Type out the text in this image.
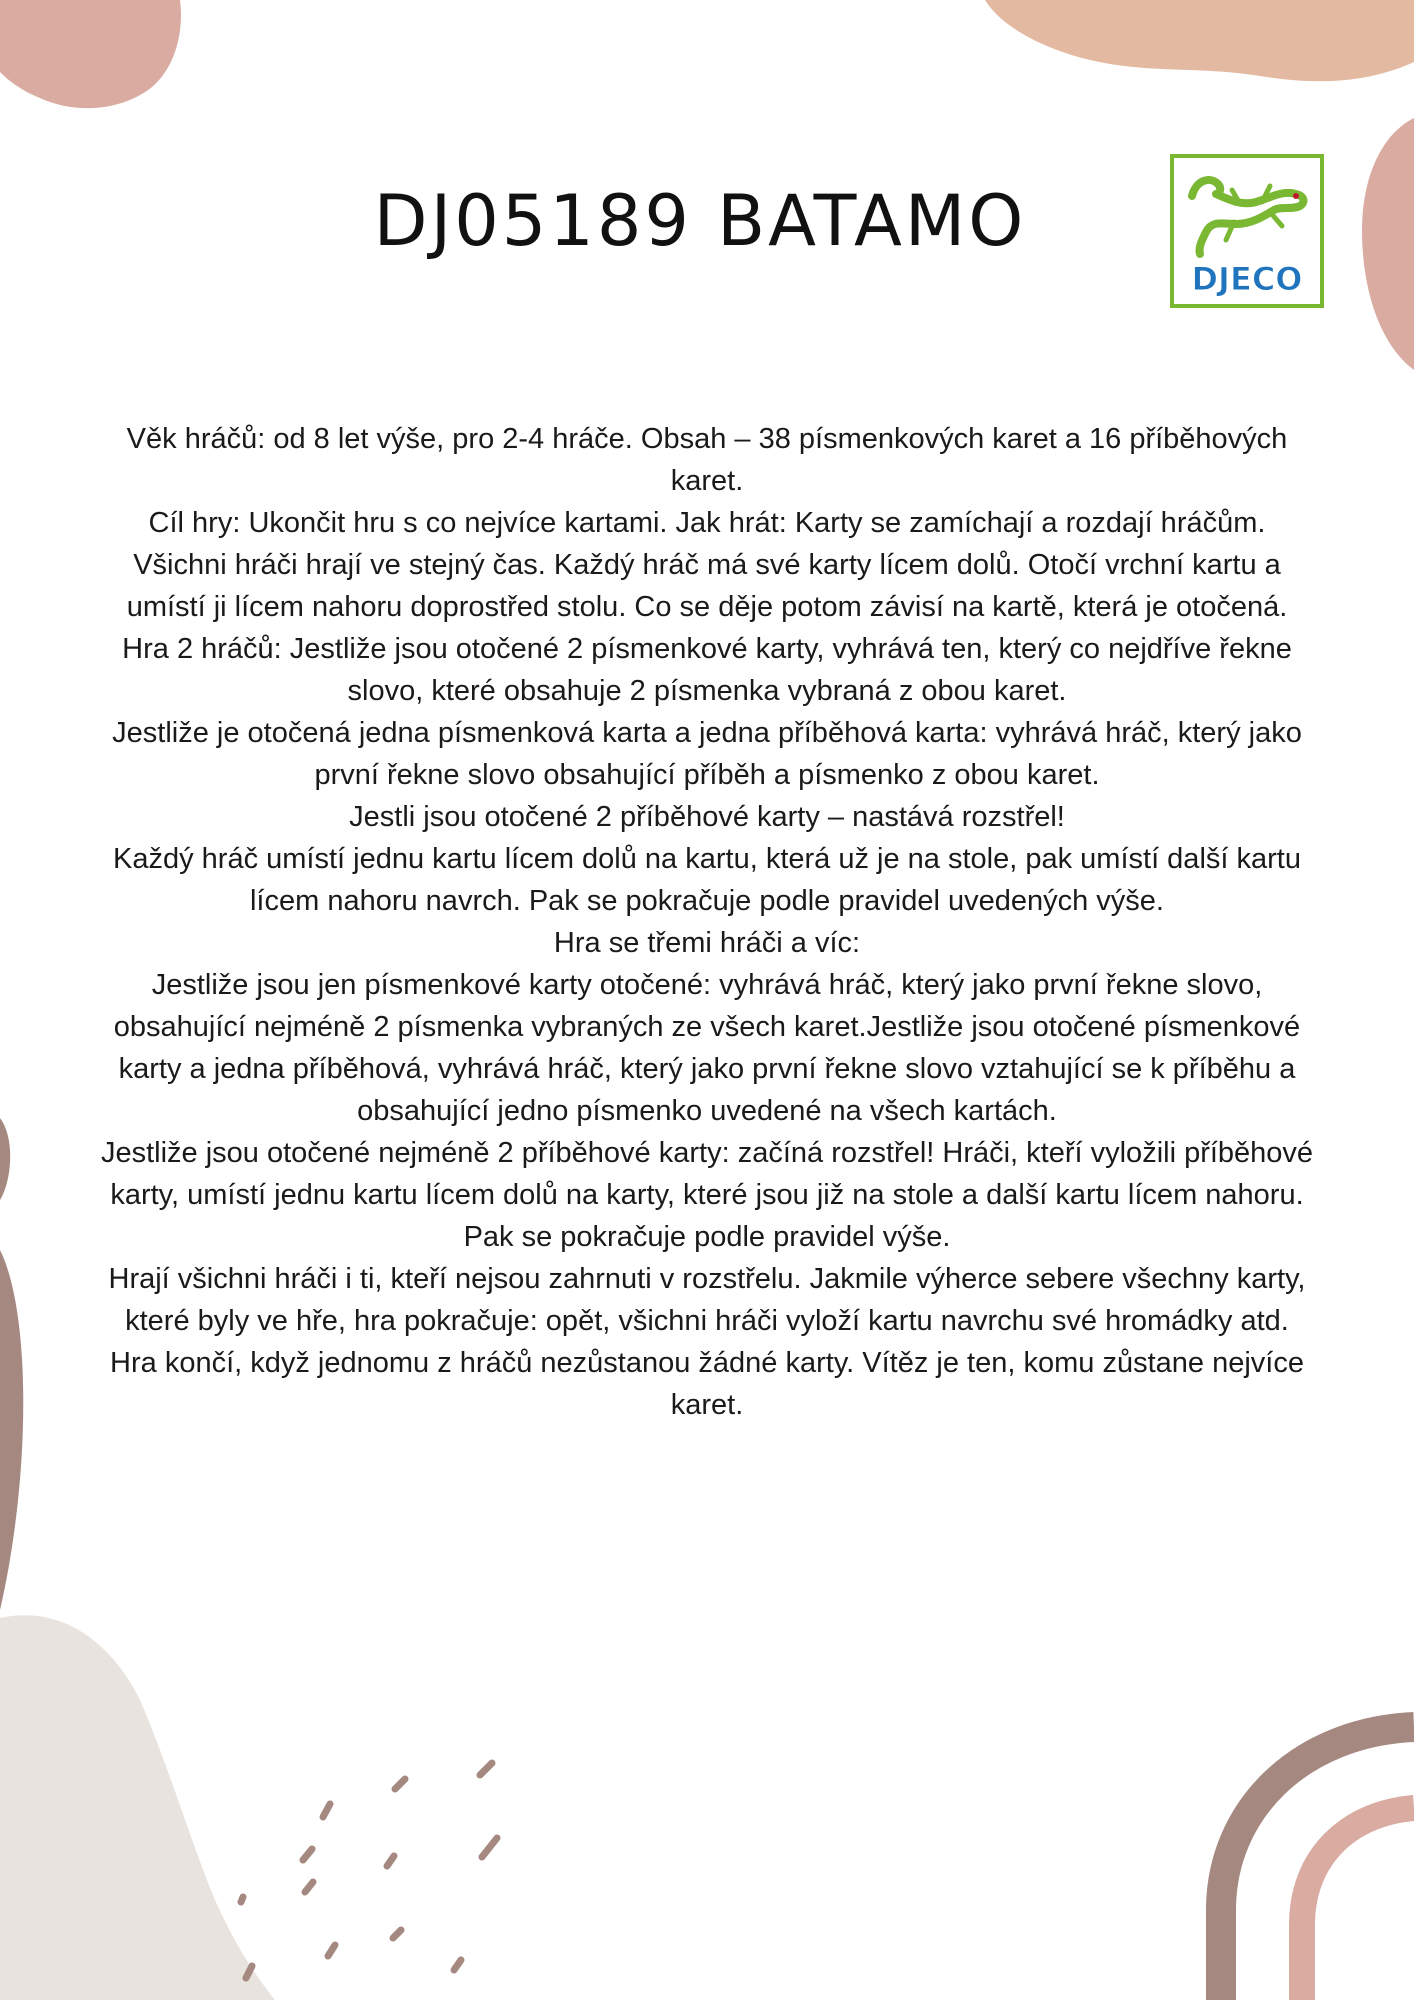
DJ05189 BATAMO
DJECO

Věk hráčů: od 8 let výše, pro 2-4 hráče. Obsah – 38 písmenkových karet a 16 příběhových karet.

Cíl hry: Ukončit hru s co nejvíce kartami. Jak hrát: Karty se zamíchají a rozdají hráčům. Všichni hráči hrají ve stejný čas. Každý hráč má své karty lícem dolů. Otočí vrchní kartu a umístí ji lícem nahoru doprostřed stolu. Co se děje potom závisí na kartě, která je otočená.

Hra 2 hráčů: Jestliže jsou otočené 2 písmenkové karty, vyhrává ten, který co nejdříve řekne slovo, které obsahuje 2 písmenka vybraná z obou karet.

Jestliže je otočená jedna písmenková karta a jedna příběhová karta: vyhrává hráč, který jako první řekne slovo obsahující příběh a písmenko z obou karet.

Jestli jsou otočené 2 příběhové karty – nastává rozstřel!

Každý hráč umístí jednu kartu lícem dolů na kartu, která už je na stole, pak umístí další kartu lícem nahoru navrch. Pak se pokračuje podle pravidel uvedených výše.

Hra se třemi hráči a víc:

Jestliže jsou jen písmenkové karty otočené: vyhrává hráč, který jako první řekne slovo, obsahující nejméně 2 písmenka vybraných ze všech karet.Jestliže jsou otočené písmenkové karty a jedna příběhová, vyhrává hráč, který jako první řekne slovo vztahující se k příběhu a obsahující jedno písmenko uvedené na všech kartách.

Jestliže jsou otočené nejméně 2 příběhové karty: začíná rozstřel! Hráči, kteří vyložili příběhové karty, umístí jednu kartu lícem dolů na karty, které jsou již na stole a další kartu lícem nahoru. Pak se pokračuje podle pravidel výše.

Hrají všichni hráči i ti, kteří nejsou zahrnuti v rozstřelu. Jakmile výherce sebere všechny karty, které byly ve hře, hra pokračuje: opět, všichni hráči vyloží kartu navrchu své hromádky atd.

Hra končí, když jednomu z hráčů nezůstanou žádné karty. Vítěz je ten, komu zůstane nejvíce karet.
